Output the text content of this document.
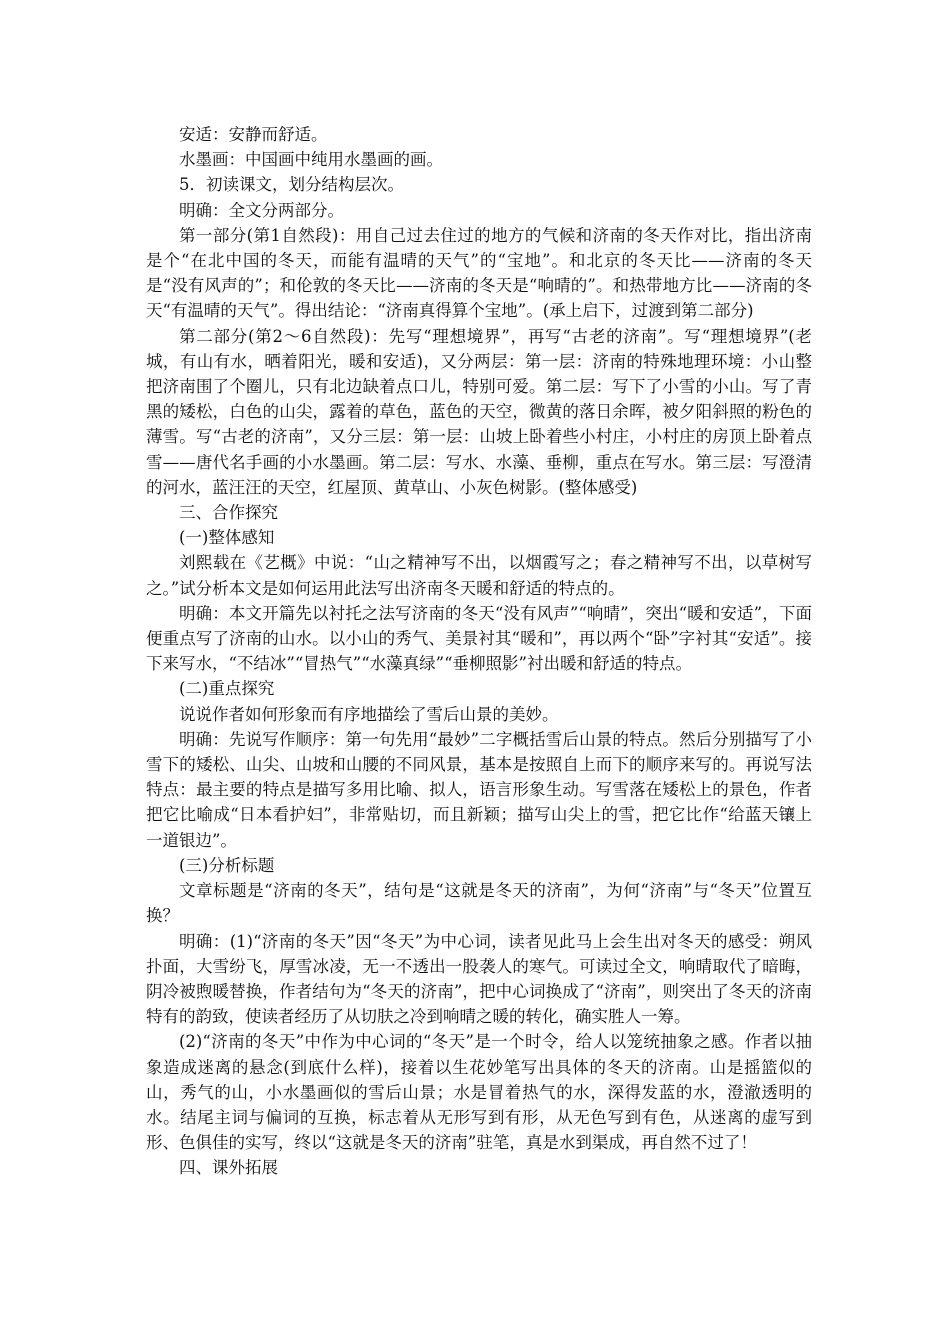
安适：安静而舒适。

水墨画：中国画中纯用水墨画的画。

5．初读课文，划分结构层次。

明确：全文分两部分。

第一部分(第1自然段)：用自己过去住过的地方的气候和济南的冬天作对比，指出济南是个“在北中国的冬天，而能有温晴的天气”的“宝地”。和北京的冬天比——济南的冬天是“没有风声的”；和伦敦的冬天比——济南的冬天是“响晴的”。和热带地方比——济南的冬天“有温晴的天气”。得出结论：“济南真得算个宝地”。(承上启下，过渡到第二部分)

第二部分(第2～6自然段)：先写“理想境界”，再写“古老的济南”。写“理想境界”(老城，有山有水，晒着阳光，暖和安适)，又分两层：第一层：济南的特殊地理环境：小山整把济南围了个圈儿，只有北边缺着点口儿，特别可爱。第二层：写下了小雪的小山。写了青黑的矮松，白色的山尖，露着的草色，蓝色的天空，微黄的落日余晖，被夕阳斜照的粉色的薄雪。写“古老的济南”，又分三层：第一层：山坡上卧着些小村庄，小村庄的房顶上卧着点雪——唐代名手画的小水墨画。第二层：写水、水藻、垂柳，重点在写水。第三层：写澄清的河水，蓝汪汪的天空，红屋顶、黄草山、小灰色树影。(整体感受)

三、合作探究

(一)整体感知

刘熙载在《艺概》中说：“山之精神写不出，以烟霞写之；春之精神写不出，以草树写之。”试分析本文是如何运用此法写出济南冬天暖和舒适的特点的。

明确：本文开篇先以衬托之法写济南的冬天“没有风声”“响晴”，突出“暖和安适”，下面便重点写了济南的山水。以小山的秀气、美景衬其“暖和”，再以两个“卧”字衬其“安适”。接下来写水，“不结冰”“冒热气”“水藻真绿”“垂柳照影”衬出暖和舒适的特点。

(二)重点探究

说说作者如何形象而有序地描绘了雪后山景的美妙。

明确：先说写作顺序：第一句先用“最妙”二字概括雪后山景的特点。然后分别描写了小雪下的矮松、山尖、山坡和山腰的不同风景，基本是按照自上而下的顺序来写的。再说写法特点：最主要的特点是描写多用比喻、拟人，语言形象生动。写雪落在矮松上的景色，作者把它比喻成“日本看护妇”，非常贴切，而且新颖；描写山尖上的雪，把它比作“给蓝天镶上一道银边”。

(三)分析标题

文章标题是“济南的冬天”，结句是“这就是冬天的济南”，为何“济南”与“冬天”位置互换？

明确：(1)“济南的冬天”因“冬天”为中心词，读者见此马上会生出对冬天的感受：朔风扑面，大雪纷飞，厚雪冰凌，无一不透出一股袭人的寒气。可读过全文，响晴取代了暗晦，阴冷被煦暖替换，作者结句为“冬天的济南”，把中心词换成了“济南”，则突出了冬天的济南特有的韵致，使读者经历了从切肤之冷到响晴之暖的转化，确实胜人一筹。

(2)“济南的冬天”中作为中心词的“冬天”是一个时令，给人以笼统抽象之感。作者以抽象造成迷离的悬念(到底什么样)，接着以生花妙笔写出具体的冬天的济南。山是摇篮似的山，秀气的山，小水墨画似的雪后山景；水是冒着热气的水，深得发蓝的水，澄澈透明的水。结尾主词与偏词的互换，标志着从无形写到有形，从无色写到有色，从迷离的虚写到形、色俱佳的实写，终以“这就是冬天的济南”驻笔，真是水到渠成，再自然不过了！

四、课外拓展
